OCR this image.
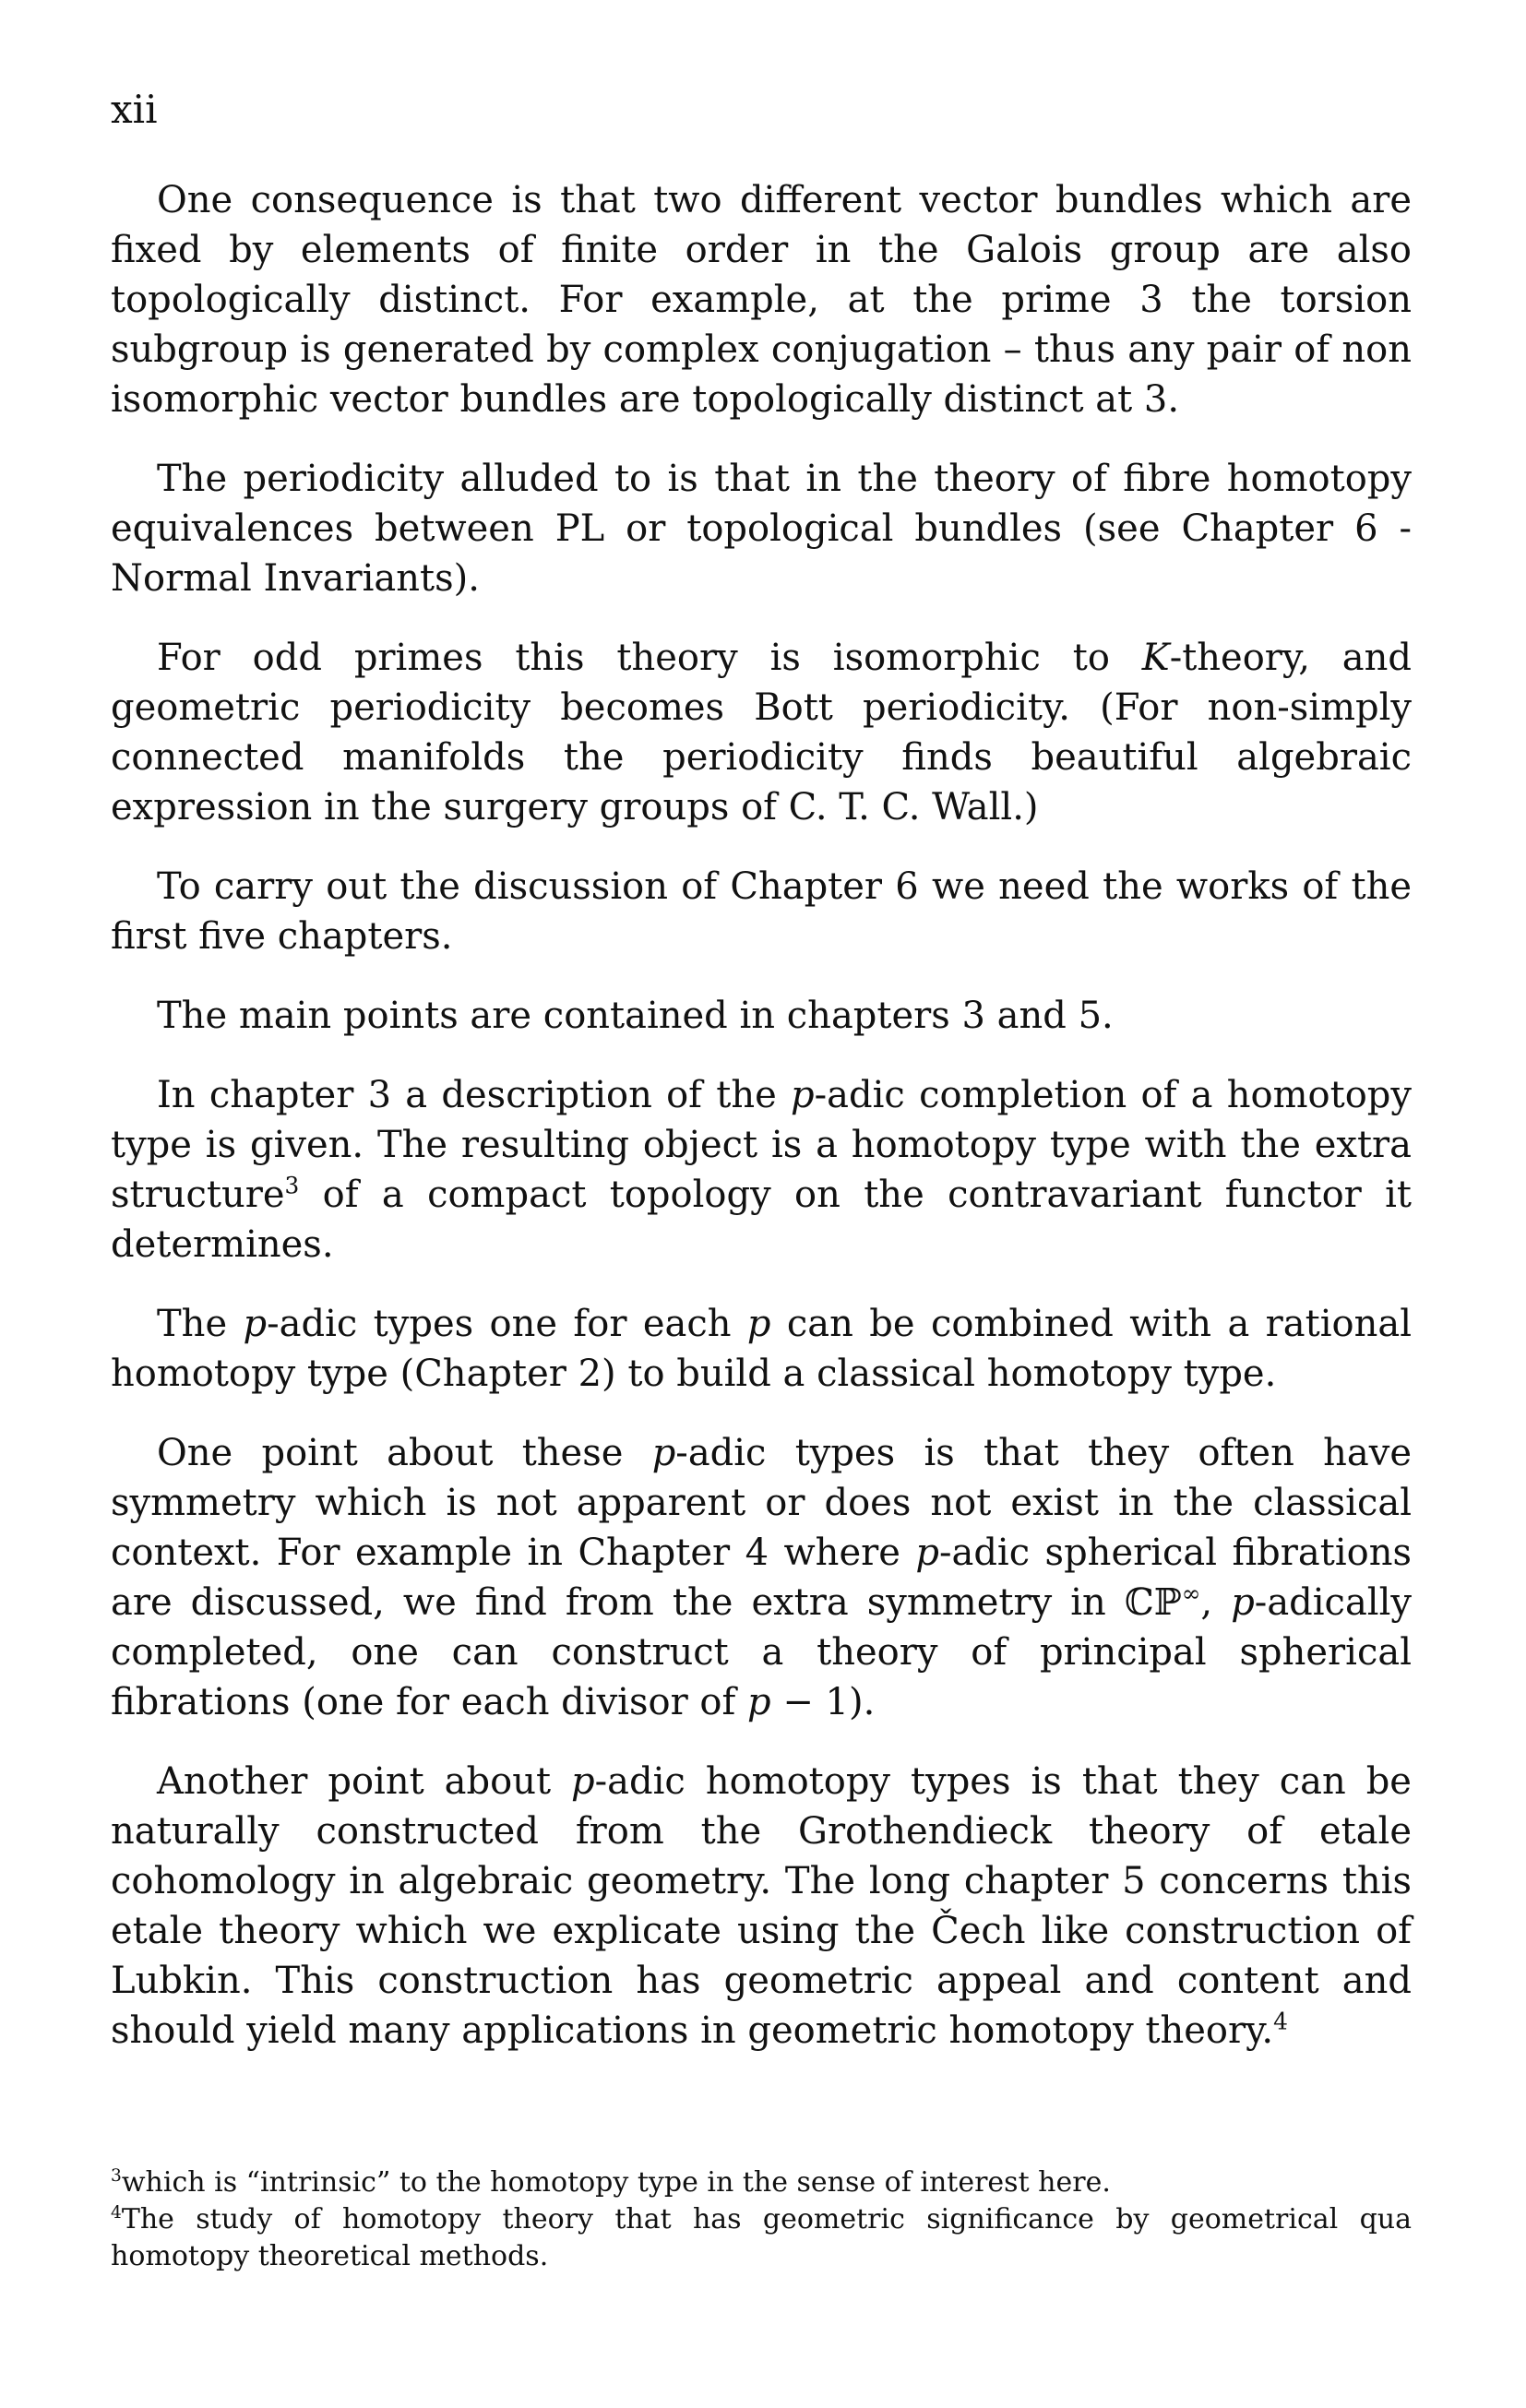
xii

One consequence is that two different vector bundles which are fixed by elements of finite order in the Galois group are also topologically distinct. For example, at the prime 3 the torsion subgroup is generated by complex conjugation – thus any pair of non isomorphic vector bundles are topologically distinct at 3.

The periodicity alluded to is that in the theory of fibre homotopy equivalences between PL or topological bundles (see Chapter 6 - Normal Invariants).

For odd primes this theory is isomorphic to K-theory, and geometric periodicity becomes Bott periodicity. (For non-simply connected manifolds the periodicity finds beautiful algebraic expression in the surgery groups of C. T. C. Wall.)

To carry out the discussion of Chapter 6 we need the works of the first five chapters.

The main points are contained in chapters 3 and 5.

In chapter 3 a description of the p-adic completion of a homotopy type is given. The resulting object is a homotopy type with the extra structure$^3$ of a compact topology on the contravariant functor it determines.

The p-adic types one for each p can be combined with a rational homotopy type (Chapter 2) to build a classical homotopy type.

One point about these p-adic types is that they often have symmetry which is not apparent or does not exist in the classical context. For example in Chapter 4 where p-adic spherical fibrations are discussed, we find from the extra symmetry in ℂℙ∞, p-adically completed, one can construct a theory of principal spherical fibrations (one for each divisor of p − 1).

Another point about p-adic homotopy types is that they can be naturally constructed from the Grothendieck theory of etale cohomology in algebraic geometry. The long chapter 5 concerns this etale theory which we explicate using the Čech like construction of Lubkin. This construction has geometric appeal and content and should yield many applications in geometric homotopy theory.$^4$

$^3$which is “intrinsic” to the homotopy type in the sense of interest here.

$^4$The study of homotopy theory that has geometric significance by geometrical qua homotopy theoretical methods.
